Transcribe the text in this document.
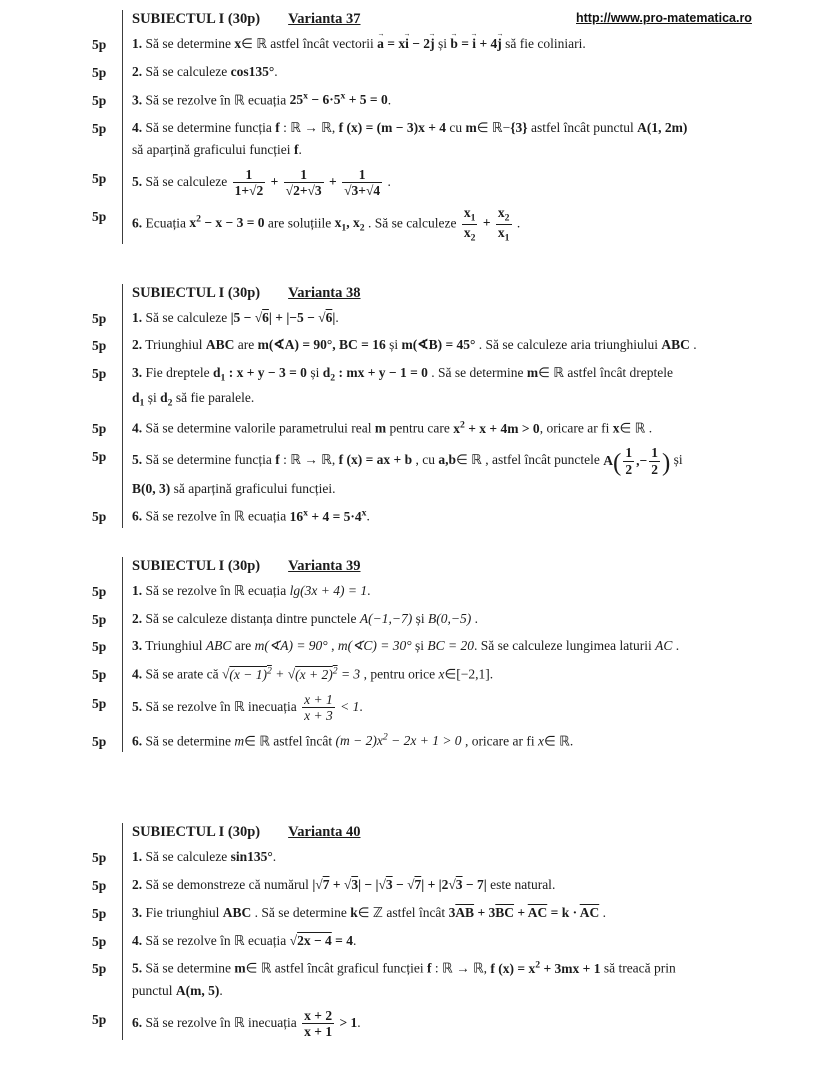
http://www.pro-matematica.ro
SUBIECTUL I (30p) Varianta 37
5p 1. Să se determine x∈ ℝ astfel încât vectorii a → = xi → − 2j → și b → = i → + 4j → să fie coliniari.
5p 2. Să se calculeze cos135°.
5p 3. Să se rezolve în ℝ ecuația $25^x - 6\cdot 5^x + 5 = 0$.
5p 4. Să se determine funcția f : ℝ → ℝ, f (x) = (m − 3)x + 4 cu m∈ ℝ−{3} astfel încât punctul A(1, 2m)
să aparțină graficului funcției f.
5p 5. Să se calculeze $\frac{1}{1+√2} + \frac{1}{√2+√3} + \frac{1}{√3+√4}$ .
5p 6. Ecuația $x^2 - x - 3 = 0$ are soluțiile $x_1$, $x_2$ . Să se calculeze $\frac{x_1}{x_2} + \frac{x_2}{x_1}$ .
SUBIECTUL I (30p) Varianta 38
5p 1. Să se calculeze |5 − √6| + |−5 − √6|.
5p 2. Triunghiul ABC are m(∢A) = 90°, BC = 16 și m(∢B) = 45° . Să se calculeze aria triunghiului ABC .
5p 3. Fie dreptele $d_1$ : x + y − 3 = 0 și $d_2$ : mx + y − 1 = 0 . Să se determine m∈ ℝ astfel încât dreptele
$d_1$ și $d_2$ să fie paralele.
5p 4. Să se determine valorile parametrului real m pentru care $x^2 + x + 4m > 0$, oricare ar fi x∈ ℝ .
5p 5. Să se determine funcția f : ℝ → ℝ, f (x) = ax + b , cu a,b∈ ℝ , astfel încât punctele $A( \frac{1}{2}$ ,− $\frac{1}{2}$ ) și
B(0, 3) să aparțină graficului funcției.
5p 6. Să se rezolve în ℝ ecuația $16^x + 4 = 5\cdot 4^x$.
SUBIECTUL I (30p) Varianta 39
5p 1. Să se rezolve în ℝ ecuația lg(3x + 4) = 1.
5p 2. Să se calculeze distanța dintre punctele A(−1,−7) și B(0,−5) .
5p 3. Triunghiul ABC are m(∢A) = 90° , m(∢C) = 30° și BC = 20. Să se calculeze lungimea laturii AC .
5p 4. Să se arate că $√(x - 1)^2 + √(x + 2)^2 = 3$ , pentru orice x∈[−2,1].
5p 5. Să se rezolve în ℝ inecuația $\frac{x + 1}{x + 3} < 1$.
5p 6. Să se determine m∈ ℝ astfel încât $(m - 2)x^2 - 2x + 1 > 0$ , oricare ar fi x∈ ℝ.
SUBIECTUL I (30p) Varianta 40
5p 1. Să se calculeze sin135°.
5p 2. Să se demonstreze că numărul |√7 + √3| − |√3 − √7| + |2√3 − 7| este natural.
5p 3. Fie triunghiul ABC . Să se determine k∈ ℤ astfel încât $3\overline{AB} + 3\overline{BC} + \overline{AC} = k \cdot \overline{AC}$ .
5p 4. Să se rezolve în ℝ ecuația √2x − 4 = 4.
5p 5. Să se determine m∈ ℝ astfel încât graficul funcției f : ℝ → ℝ, f $(x) = x^2 + 3mx + 1$ să treacă prin
punctul A(m, 5).
5p 6. Să se rezolve în ℝ inecuația $\frac{x + 2}{x + 1} > 1$.
